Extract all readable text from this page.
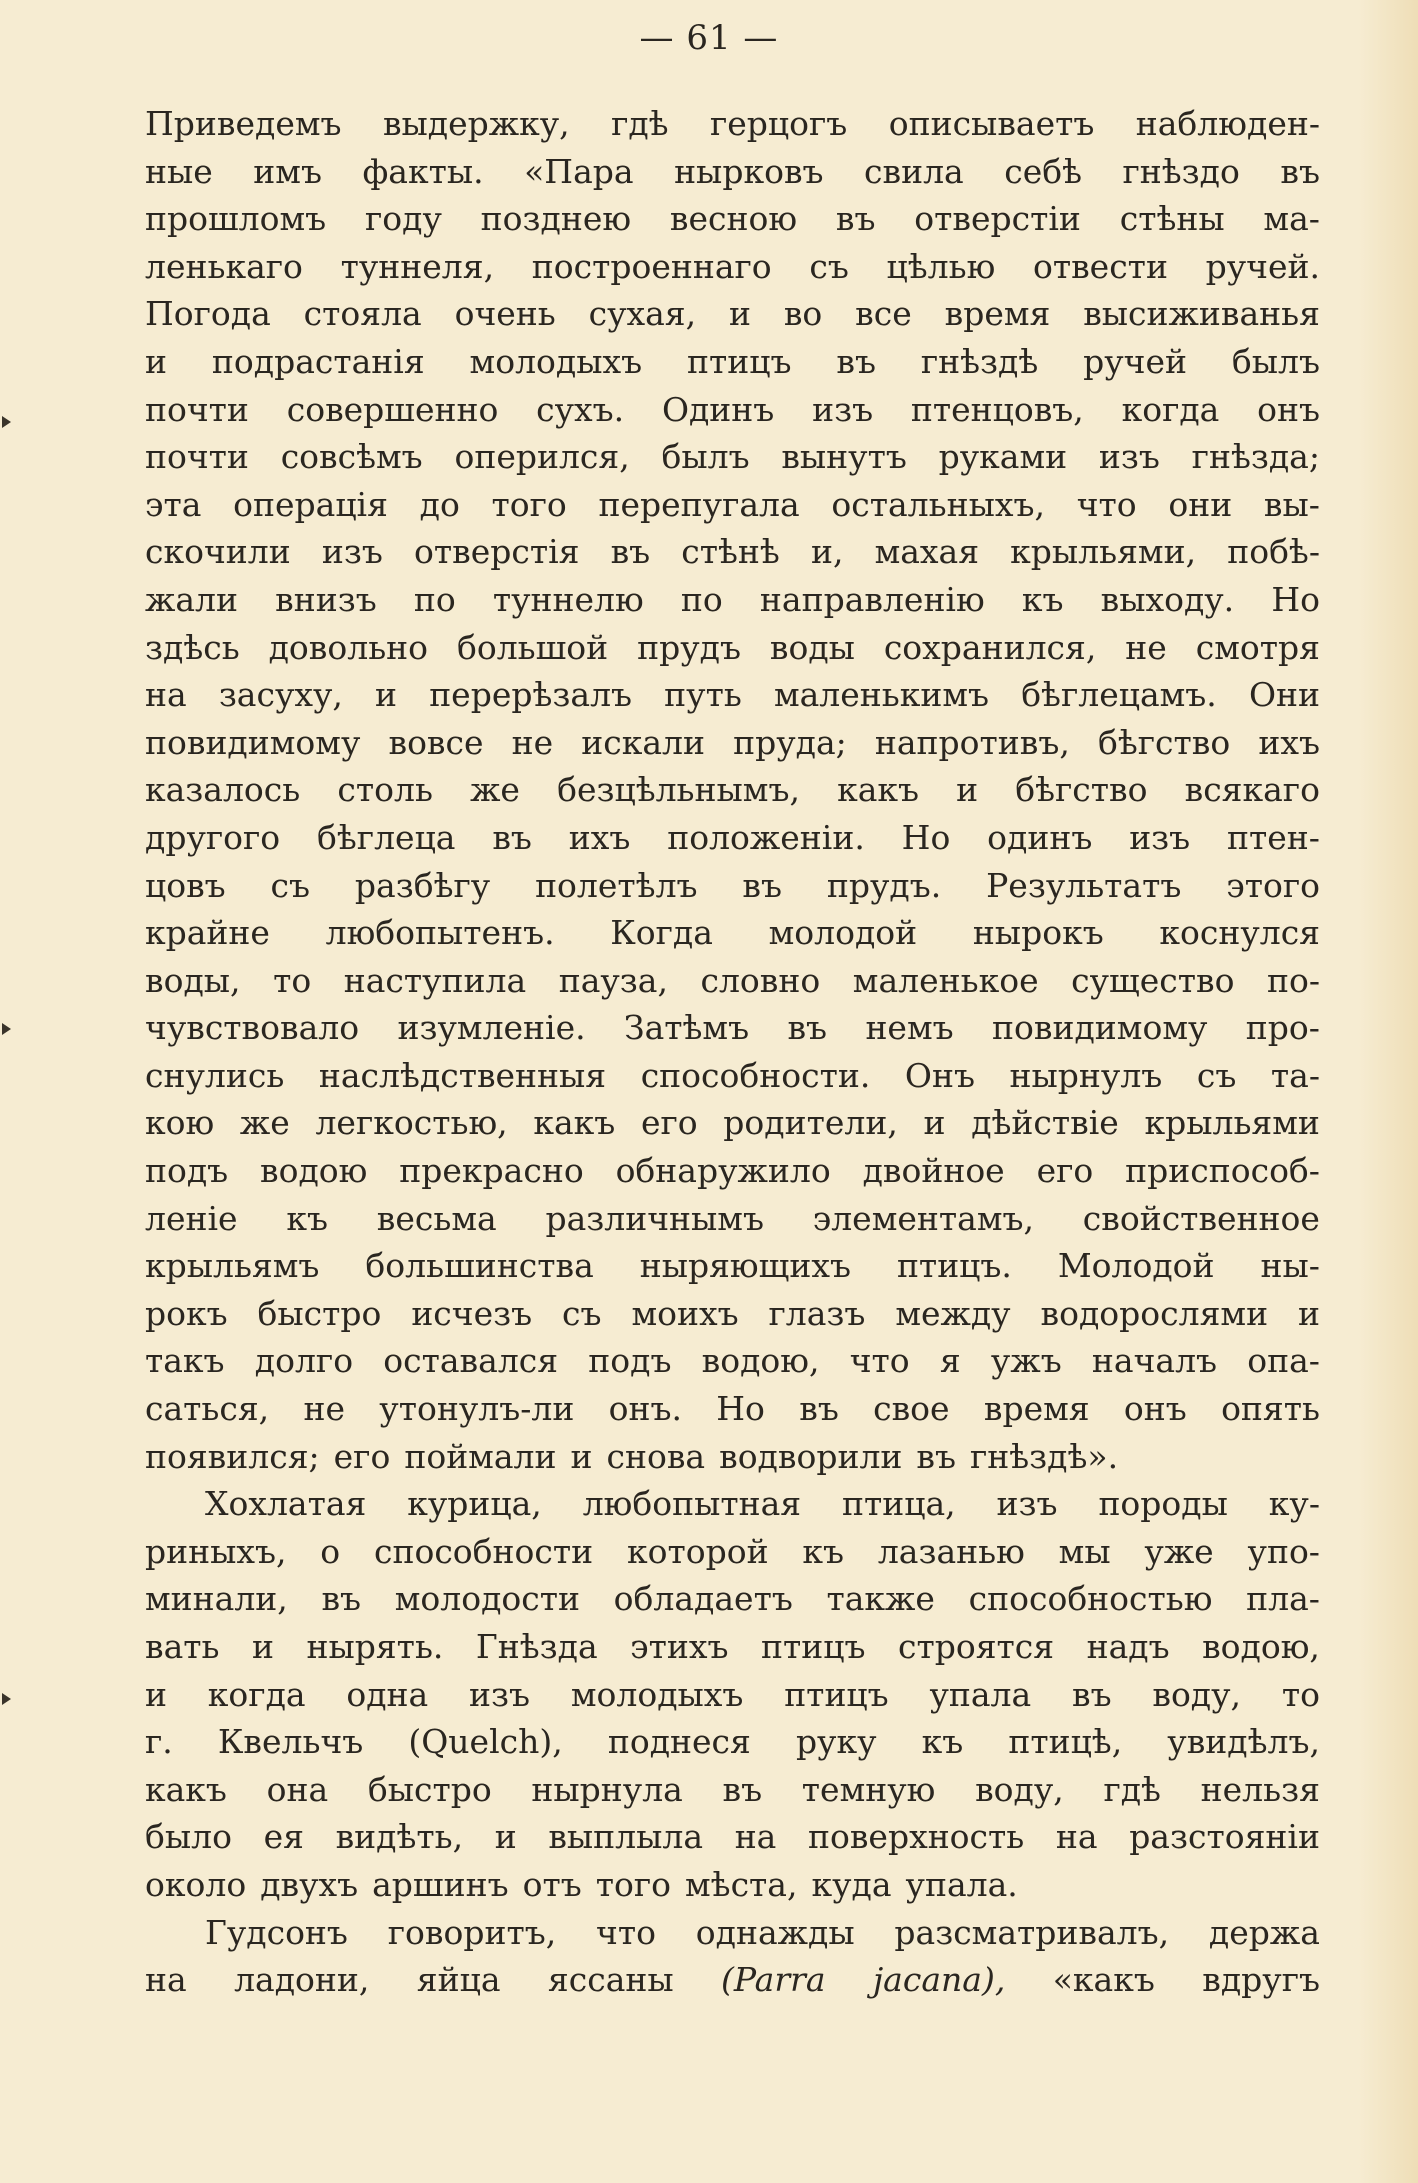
— 61 —
Приведемъ выдержку, гдѣ герцогъ описываетъ наблюден-
ные имъ факты. «Пара нырковъ свила себѣ гнѣздо въ
прошломъ году позднею весною въ отверстіи стѣны ма-
ленькаго туннеля, построеннаго съ цѣлью отвести ручей.
Погода стояла очень сухая, и во все время высиживанья
и подрастанія молодыхъ птицъ въ гнѣздѣ ручей былъ
почти совершенно сухъ. Одинъ изъ птенцовъ, когда онъ
почти совсѣмъ оперился, былъ вынутъ руками изъ гнѣзда;
эта операція до того перепугала остальныхъ, что они вы-
скочили изъ отверстія въ стѣнѣ и, махая крыльями, побѣ-
жали внизъ по туннелю по направленію къ выходу. Но
здѣсь довольно большой прудъ воды сохранился, не смотря
на засуху, и перерѣзалъ путь маленькимъ бѣглецамъ. Они
повидимому вовсе не искали пруда; напротивъ, бѣгство ихъ
казалось столь же безцѣльнымъ, какъ и бѣгство всякаго
другого бѣглеца въ ихъ положеніи. Но одинъ изъ птен-
цовъ съ разбѣгу полетѣлъ въ прудъ. Результатъ этого
крайне любопытенъ. Когда молодой нырокъ коснулся
воды, то наступила пауза, словно маленькое существо по-
чувствовало изумленіе. Затѣмъ въ немъ повидимому про-
снулись наслѣдственныя способности. Онъ нырнулъ съ та-
кою же легкостью, какъ его родители, и дѣйствіе крыльями
подъ водою прекрасно обнаружило двойное его приспособ-
леніе къ весьма различнымъ элементамъ, свойственное
крыльямъ большинства ныряющихъ птицъ. Молодой ны-
рокъ быстро исчезъ съ моихъ глазъ между водорослями и
такъ долго оставался подъ водою, что я ужъ началъ опа-
саться, не утонулъ-ли онъ. Но въ свое время онъ опять
появился; его поймали и снова водворили въ гнѣздѣ».
Хохлатая курица, любопытная птица, изъ породы ку-
риныхъ, о способности которой къ лазанью мы уже упо-
минали, въ молодости обладаетъ также способностью пла-
вать и нырять. Гнѣзда этихъ птицъ строятся надъ водою,
и когда одна изъ молодыхъ птицъ упала въ воду, то
г. Квельчъ (Quelch), поднеся руку къ птицѣ, увидѣлъ,
какъ она быстро нырнула въ темную воду, гдѣ нельзя
было ея видѣть, и выплыла на поверхность на разстояніи
около двухъ аршинъ отъ того мѣста, куда упала.
Гудсонъ говоритъ, что однажды разсматривалъ, держа
на ладони, яйца яссаны (Parra jacana), «какъ вдругъ
